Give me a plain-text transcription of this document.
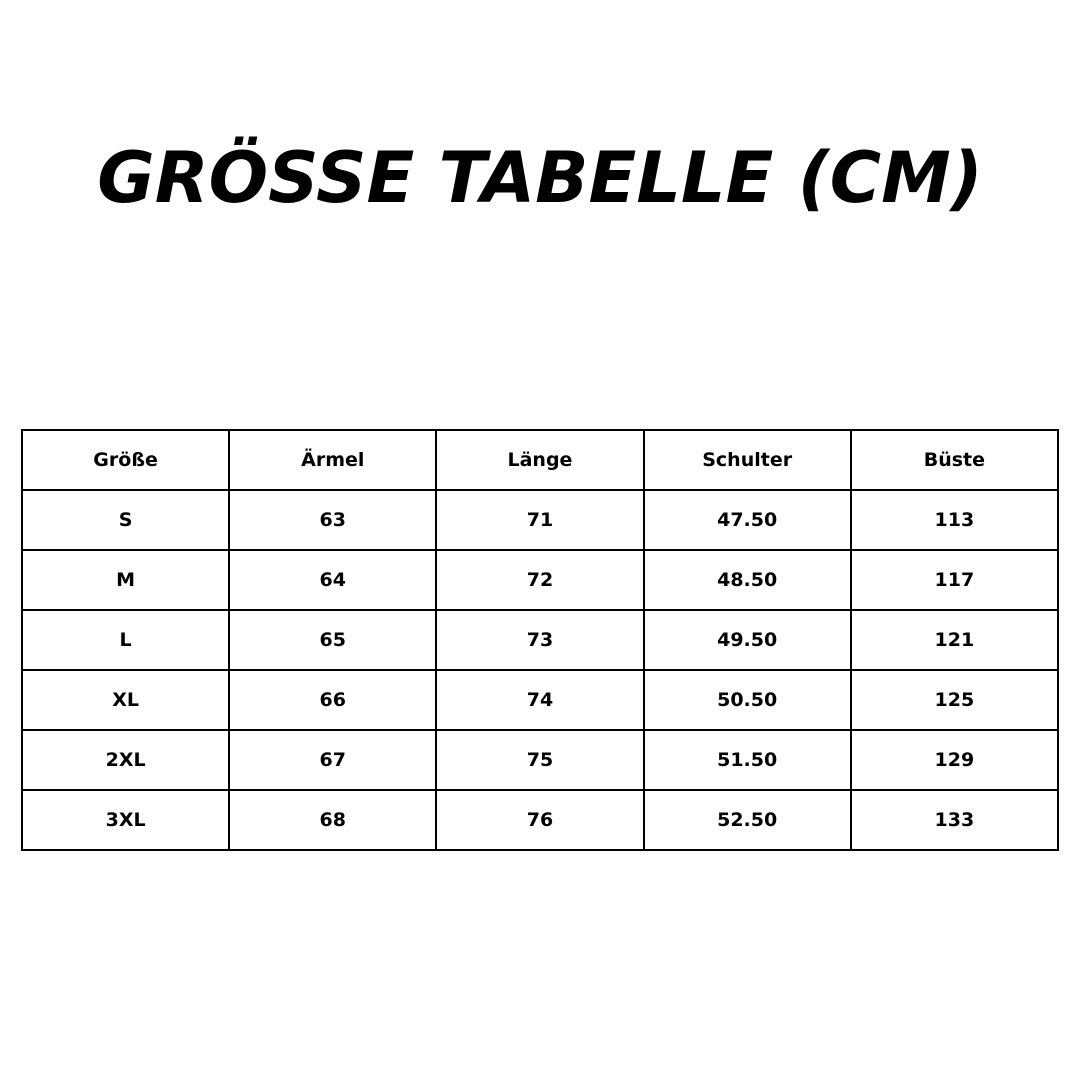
GRÖSSE TABELLE (CM)
Größe	Ärmel	Länge	Schulter	Büste
S	63	71	47.50	113
M	64	72	48.50	117
L	65	73	49.50	121
XL	66	74	50.50	125
2XL	67	75	51.50	129
3XL	68	76	52.50	133
